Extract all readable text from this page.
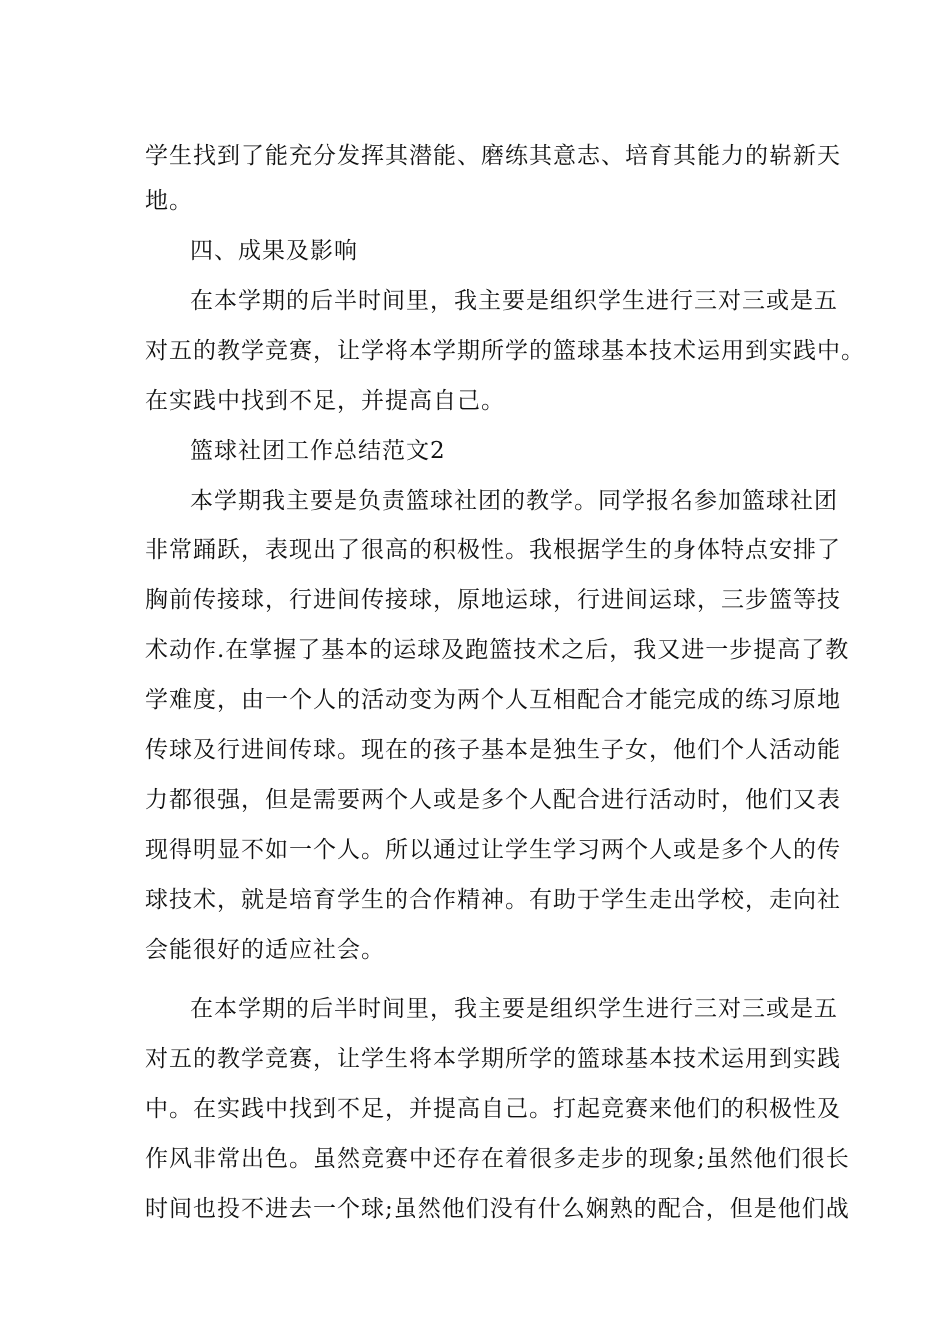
学生找到了能充分发挥其潜能、磨练其意志、培育其能力的崭新天
地。
四、成果及影响
在本学期的后半时间里，我主要是组织学生进行三对三或是五
对五的教学竞赛，让学将本学期所学的篮球基本技术运用到实践中。
在实践中找到不足，并提高自己。
篮球社团工作总结范文2
本学期我主要是负责篮球社团的教学。同学报名参加篮球社团
非常踊跃，表现出了很高的积极性。我根据学生的身体特点安排了
胸前传接球，行进间传接球，原地运球，行进间运球，三步篮等技
术动作.在掌握了基本的运球及跑篮技术之后，我又进一步提高了教
学难度，由一个人的活动变为两个人互相配合才能完成的练习原地
传球及行进间传球。现在的孩子基本是独生子女，他们个人活动能
力都很强，但是需要两个人或是多个人配合进行活动时，他们又表
现得明显不如一个人。所以通过让学生学习两个人或是多个人的传
球技术，就是培育学生的合作精神。有助于学生走出学校，走向社
会能很好的适应社会。
在本学期的后半时间里，我主要是组织学生进行三对三或是五
对五的教学竞赛，让学生将本学期所学的篮球基本技术运用到实践
中。在实践中找到不足，并提高自己。打起竞赛来他们的积极性及
作风非常出色。虽然竞赛中还存在着很多走步的现象;虽然他们很长
时间也投不进去一个球;虽然他们没有什么娴熟的配合，但是他们战
